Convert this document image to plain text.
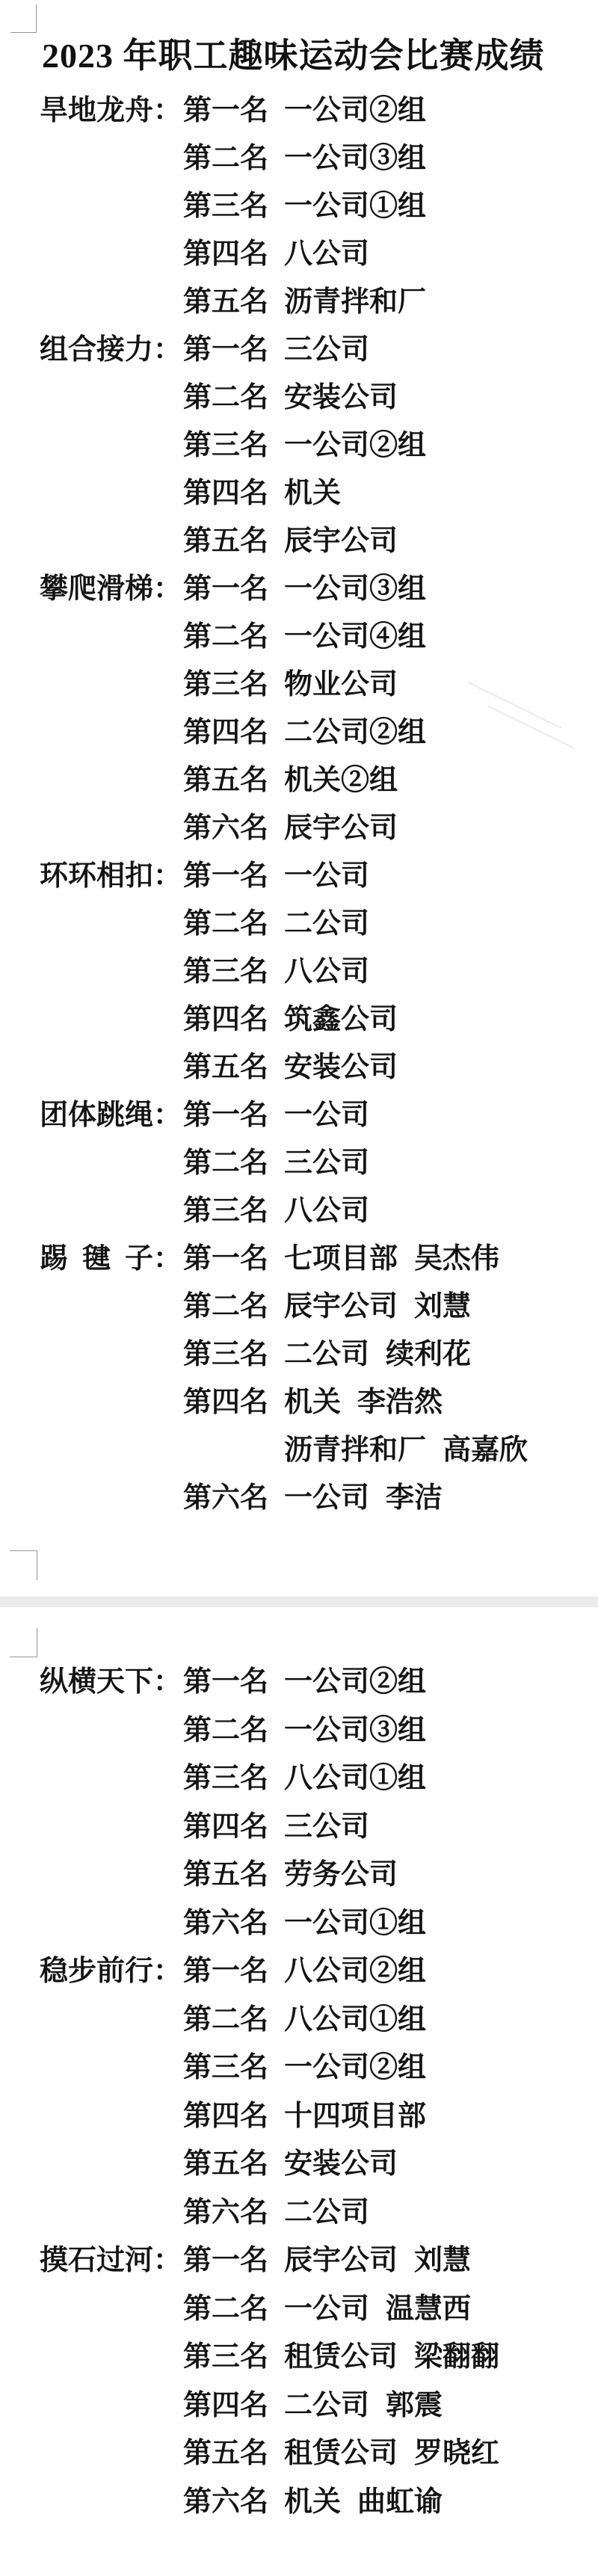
2023 年职工趣味运动会比赛成绩
旱地龙舟： 第一名 一公司②组
第二名 一公司③组
第三名 一公司①组
第四名 八公司
第五名 沥青拌和厂
组合接力： 第一名 三公司
第二名 安装公司
第三名 一公司②组
第四名 机关
第五名 辰宇公司
攀爬滑梯： 第一名 一公司③组
第二名 一公司④组
第三名 物业公司
第四名 二公司②组
第五名 机关②组
第六名 辰宇公司
环环相扣： 第一名 一公司
第二名 二公司
第三名 八公司
第四名 筑鑫公司
第五名 安装公司
团体跳绳： 第一名 一公司
第二名 三公司
第三名 八公司
踢毽子： 第一名 七项目部 吴杰伟
第二名 辰宇公司 刘慧
第三名 二公司 续利花
第四名 机关 李浩然
沥青拌和厂 高嘉欣
第六名 一公司 李洁
纵横天下： 第一名 一公司②组
第二名 一公司③组
第三名 八公司①组
第四名 三公司
第五名 劳务公司
第六名 一公司①组
稳步前行： 第一名 八公司②组
第二名 八公司①组
第三名 一公司②组
第四名 十四项目部
第五名 安装公司
第六名 二公司
摸石过河： 第一名 辰宇公司 刘慧
第二名 一公司 温慧西
第三名 租赁公司 梁翻翻
第四名 二公司 郭震
第五名 租赁公司 罗晓红
第六名 机关 曲虹谕
